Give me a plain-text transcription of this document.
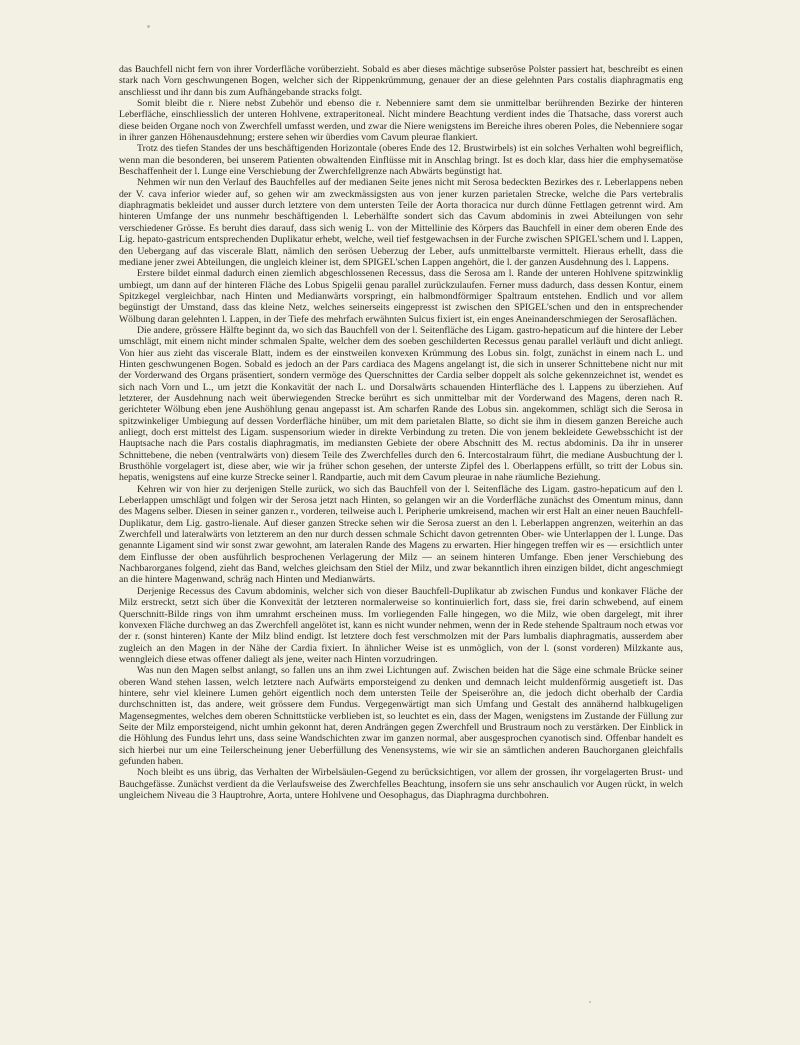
das Bauchfell nicht fern von ihrer Vorderfläche vorüberzieht. Sobald es aber dieses mächtige subseröse Polster passiert hat, beschreibt es einen stark nach Vorn geschwungenen Bogen, welcher sich der Rippenkrümmung, genauer der an diese gelehnten Pars costalis diaphragmatis eng anschliesst und ihr dann bis zum Aufhängebande stracks folgt.

Somit bleibt die r. Niere nebst Zubehör und ebenso die r. Nebenniere samt dem sie unmittelbar berührenden Bezirke der hinteren Leberfläche, einschliesslich der unteren Hohlvene, extraperitoneal. Nicht mindere Beachtung verdient indes die Thatsache, dass vorerst auch diese beiden Organe noch von Zwerchfell umfasst werden, und zwar die Niere wenigstens im Bereiche ihres oberen Poles, die Nebenniere sogar in ihrer ganzen Höhenausdehnung; erstere sehen wir überdies vom Cavum pleurae flankiert.

Trotz des tiefen Standes der uns beschäftigenden Horizontale (oberes Ende des 12. Brustwirbels) ist ein solches Verhalten wohl begreiflich, wenn man die besonderen, bei unserem Patienten obwaltenden Einflüsse mit in Anschlag bringt. Ist es doch klar, dass hier die emphysematöse Beschaffenheit der l. Lunge eine Verschiebung der Zwerchfellgrenze nach Abwärts begünstigt hat.

Nehmen wir nun den Verlauf des Bauchfelles auf der medianen Seite jenes nicht mit Serosa bedeckten Bezirkes des r. Leberlappens neben der V. cava inferior wieder auf, so gehen wir am zweckmässigsten aus von jener kurzen parietalen Strecke, welche die Pars vertebralis diaphragmatis bekleidet und ausser durch letztere von dem untersten Teile der Aorta thoracica nur durch dünne Fettlagen getrennt wird. Am hinteren Umfange der uns nunmehr beschäftigenden l. Leberhälfte sondert sich das Cavum abdominis in zwei Abteilungen von sehr verschiedener Grösse. Es beruht dies darauf, dass sich wenig L. von der Mittellinie des Körpers das Bauchfell in einer dem oberen Ende des Lig. hepato-gastricum entsprechenden Duplikatur erhebt, welche, weil tief festgewachsen in der Furche zwischen SPIGEL'schem und l. Lappen, den Uebergang auf das viscerale Blatt, nämlich den serösen Ueberzug der Leber, aufs unmittelbarste vermittelt. Hieraus erhellt, dass die mediane jener zwei Abteilungen, die ungleich kleiner ist, dem SPIGEL'schen Lappen angehört, die l. der ganzen Ausdehnung des l. Lappens.

Erstere bildet einmal dadurch einen ziemlich abgeschlossenen Recessus, dass die Serosa am l. Rande der unteren Hohlvene spitzwinklig umbiegt, um dann auf der hinteren Fläche des Lobus Spigelii genau parallel zurückzulaufen. Ferner muss dadurch, dass dessen Kontur, einem Spitzkegel vergleichbar, nach Hinten und Medianwärts vorspringt, ein halbmondförmiger Spaltraum entstehen. Endlich und vor allem begünstigt der Umstand, dass das kleine Netz, welches seinerseits eingepresst ist zwischen den SPIGEL'schen und den in entsprechender Wölbung daran gelehnten l. Lappen, in der Tiefe des mehrfach erwähnten Sulcus fixiert ist, ein enges Aneinanderschmiegen der Serosaflächen.

Die andere, grössere Hälfte beginnt da, wo sich das Bauchfell von der l. Seitenfläche des Ligam. gastro-hepaticum auf die hintere der Leber umschlägt, mit einem nicht minder schmalen Spalte, welcher dem des soeben geschilderten Recessus genau parallel verläuft und dicht anliegt. Von hier aus zieht das viscerale Blatt, indem es der einstweilen konvexen Krümmung des Lobus sin. folgt, zunächst in einem nach L. und Hinten geschwungenen Bogen. Sobald es jedoch an der Pars cardiaca des Magens angelangt ist, die sich in unserer Schnittebene nicht nur mit der Vorderwand des Organs präsentiert, sondern vermöge des Querschnittes der Cardia selber doppelt als solche gekennzeichnet ist, wendet es sich nach Vorn und L., um jetzt die Konkavität der nach L. und Dorsalwärts schauenden Hinterfläche des l. Lappens zu überziehen. Auf letzterer, der Ausdehnung nach weit überwiegenden Strecke berührt es sich unmittelbar mit der Vorderwand des Magens, deren nach R. gerichteter Wölbung eben jene Aushöhlung genau angepasst ist. Am scharfen Rande des Lobus sin. angekommen, schlägt sich die Serosa in spitzwinkeliger Umbiegung auf dessen Vorderfläche hinüber, um mit dem parietalen Blatte, so dicht sie ihm in diesem ganzen Bereiche auch anliegt, doch erst mittelst des Ligam. suspensorium wieder in direkte Verbindung zu treten. Die von jenem bekleidete Gewebsschicht ist der Hauptsache nach die Pars costalis diaphragmatis, im mediansten Gebiete der obere Abschnitt des M. rectus abdominis. Da ihr in unserer Schnittebene, die neben (ventralwärts von) diesem Teile des Zwerchfelles durch den 6. Intercostalraum führt, die mediane Ausbuchtung der l. Brusthöhle vorgelagert ist, diese aber, wie wir ja früher schon gesehen, der unterste Zipfel des l. Oberlappens erfüllt, so tritt der Lobus sin. hepatis, wenigstens auf eine kurze Strecke seiner l. Randpartie, auch mit dem Cavum pleurae in nahe räumliche Beziehung.

Kehren wir von hier zu derjenigen Stelle zurück, wo sich das Bauchfell von der l. Seitenfläche des Ligam. gastro-hepaticum auf den l. Leberlappen umschlägt und folgen wir der Serosa jetzt nach Hinten, so gelangen wir an die Vorderfläche zunächst des Omentum minus, dann des Magens selber. Diesen in seiner ganzen r., vorderen, teilweise auch l. Peripherie umkreisend, machen wir erst Halt an einer neuen Bauchfell-Duplikatur, dem Lig. gastro-lienale. Auf dieser ganzen Strecke sehen wir die Serosa zuerst an den l. Leberlappen angrenzen, weiterhin an das Zwerchfell und lateralwärts von letzterem an den nur durch dessen schmale Schicht davon getrennten Ober- wie Unterlappen der l. Lunge. Das genannte Ligament sind wir sonst zwar gewohnt, am lateralen Rande des Magens zu erwarten. Hier hingegen treffen wir es — ersichtlich unter dem Einflusse der oben ausführlich besprochenen Verlagerung der Milz — an seinem hinteren Umfange. Eben jener Verschiebung des Nachbarorganes folgend, zieht das Band, welches gleichsam den Stiel der Milz, und zwar bekanntlich ihren einzigen bildet, dicht angeschmiegt an die hintere Magenwand, schräg nach Hinten und Medianwärts.

Derjenige Recessus des Cavum abdominis, welcher sich von dieser Bauchfell-Duplikatur ab zwischen Fundus und konkaver Fläche der Milz erstreckt, setzt sich über die Konvexität der letzteren normalerweise so kontinuierlich fort, dass sie, frei darin schwebend, auf einem Querschnitt-Bilde rings von ihm umrahmt erscheinen muss. Im vorliegenden Falle hingegen, wo die Milz, wie oben dargelegt, mit ihrer konvexen Fläche durchweg an das Zwerchfell angelötet ist, kann es nicht wunder nehmen, wenn der in Rede stehende Spaltraum noch etwas vor der r. (sonst hinteren) Kante der Milz blind endigt. Ist letztere doch fest verschmolzen mit der Pars lumbalis diaphragmatis, ausserdem aber zugleich an den Magen in der Nähe der Cardia fixiert. In ähnlicher Weise ist es unmöglich, von der l. (sonst vorderen) Milzkante aus, wenngleich diese etwas offener daliegt als jene, weiter nach Hinten vorzudringen.

Was nun den Magen selbst anlangt, so fallen uns an ihm zwei Lichtungen auf. Zwischen beiden hat die Säge eine schmale Brücke seiner oberen Wand stehen lassen, welch letztere nach Aufwärts emporsteigend zu denken und demnach leicht muldenförmig ausgetieft ist. Das hintere, sehr viel kleinere Lumen gehört eigentlich noch dem untersten Teile der Speiseröhre an, die jedoch dicht oberhalb der Cardia durchschnitten ist, das andere, weit grössere dem Fundus. Vergegenwärtigt man sich Umfang und Gestalt des annähernd halbkugeligen Magensegmentes, welches dem oberen Schnittstücke verblieben ist, so leuchtet es ein, dass der Magen, wenigstens im Zustande der Füllung zur Seite der Milz emporsteigend, nicht umhin gekonnt hat, deren Andrängen gegen Zwerchfell und Brustraum noch zu verstärken. Der Einblick in die Höhlung des Fundus lehrt uns, dass seine Wandschichten zwar im ganzen normal, aber ausgesprochen cyanotisch sind. Offenbar handelt es sich hierbei nur um eine Teilerscheinung jener Ueberfüllung des Venensystems, wie wir sie an sämtlichen anderen Bauchorganen gleichfalls gefunden haben.

Noch bleibt es uns übrig, das Verhalten der Wirbelsäulen-Gegend zu berücksichtigen, vor allem der grossen, ihr vorgelagerten Brust- und Bauchgefässe. Zunächst verdient da die Verlaufsweise des Zwerchfelles Beachtung, insofern sie uns sehr anschaulich vor Augen rückt, in welch ungleichem Niveau die 3 Hauptrohre, Aorta, untere Hohlvene und Oesophagus, das Diaphragma durchbohren.
